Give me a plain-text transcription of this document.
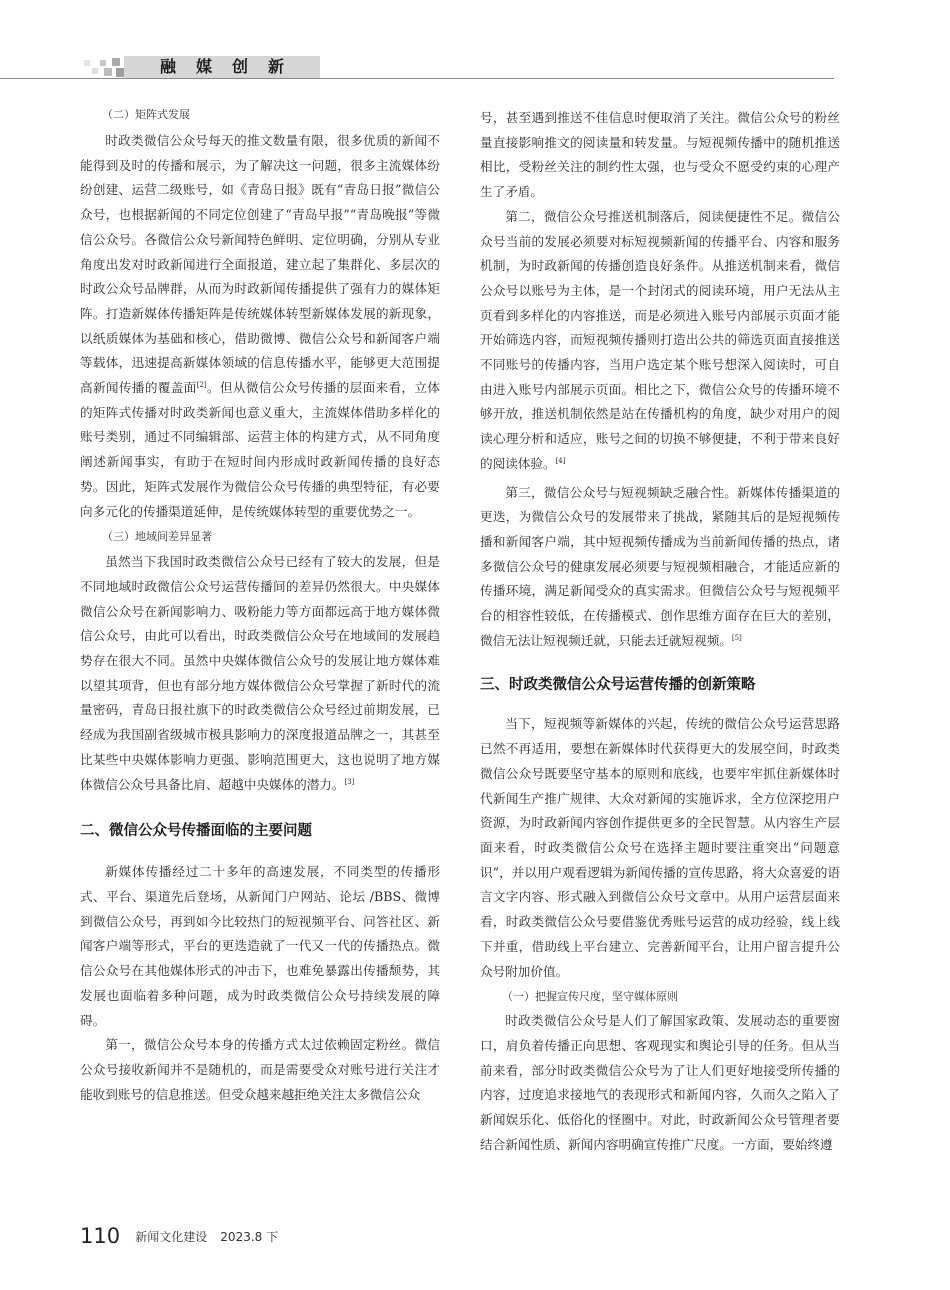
融媒创新

（二）矩阵式发展

时政类微信公众号每天的推文数量有限，很多优质的新闻不能得到及时的传播和展示，为了解决这一问题，很多主流媒体纷纷创建、运营二级账号，如《青岛日报》既有“青岛日报”微信公众号，也根据新闻的不同定位创建了“青岛早报”“青岛晚报”等微信公众号。各微信公众号新闻特色鲜明、定位明确，分别从专业角度出发对时政新闻进行全面报道，建立起了集群化、多层次的时政公众号品牌群，从而为时政新闻传播提供了强有力的媒体矩阵。打造新媒体传播矩阵是传统媒体转型新媒体发展的新现象，以纸质媒体为基础和核心，借助微博、微信公众号和新闻客户端等载体，迅速提高新媒体领域的信息传播水平，能够更大范围提高新闻传播的覆盖面[2]。但从微信公众号传播的层面来看，立体的矩阵式传播对时政类新闻也意义重大，主流媒体借助多样化的账号类别，通过不同编辑部、运营主体的构建方式，从不同角度阐述新闻事实，有助于在短时间内形成时政新闻传播的良好态势。因此，矩阵式发展作为微信公众号传播的典型特征，有必要向多元化的传播渠道延伸，是传统媒体转型的重要优势之一。

（三）地域间差异显著

虽然当下我国时政类微信公众号已经有了较大的发展，但是不同地域时政微信公众号运营传播间的差异仍然很大。中央媒体微信公众号在新闻影响力、吸粉能力等方面都远高于地方媒体微信公众号，由此可以看出，时政类微信公众号在地域间的发展趋势存在很大不同。虽然中央媒体微信公众号的发展让地方媒体难以望其项背，但也有部分地方媒体微信公众号掌握了新时代的流量密码，青岛日报社旗下的时政类微信公众号经过前期发展，已经成为我国副省级城市极具影响力的深度报道品牌之一，其甚至比某些中央媒体影响力更强、影响范围更大，这也说明了地方媒体微信公众号具备比肩、超越中央媒体的潜力。[3]

二、微信公众号传播面临的主要问题

新媒体传播经过二十多年的高速发展，不同类型的传播形式、平台、渠道先后登场，从新闻门户网站、论坛 /BBS、微博到微信公众号，再到如今比较热门的短视频平台、问答社区、新闻客户端等形式，平台的更迭造就了一代又一代的传播热点。微信公众号在其他媒体形式的冲击下，也难免暴露出传播颓势，其发展也面临着多种问题，成为时政类微信公众号持续发展的障碍。

第一，微信公众号本身的传播方式太过依赖固定粉丝。微信公众号接收新闻并不是随机的，而是需要受众对账号进行关注才能收到账号的信息推送。但受众越来越拒绝关注太多微信公众

号，甚至遇到推送不佳信息时便取消了关注。微信公众号的粉丝量直接影响推文的阅读量和转发量。与短视频传播中的随机推送相比，受粉丝关注的制约性太强，也与受众不愿受约束的心理产生了矛盾。

第二，微信公众号推送机制落后，阅读便捷性不足。微信公众号当前的发展必须要对标短视频新闻的传播平台、内容和服务机制，为时政新闻的传播创造良好条件。从推送机制来看，微信公众号以账号为主体，是一个封闭式的阅读环境，用户无法从主页看到多样化的内容推送，而是必须进入账号内部展示页面才能开始筛选内容，而短视频传播则打造出公共的筛选页面直接推送不同账号的传播内容，当用户选定某个账号想深入阅读时，可自由进入账号内部展示页面。相比之下，微信公众号的传播环境不够开放，推送机制依然是站在传播机构的角度，缺少对用户的阅读心理分析和适应，账号之间的切换不够便捷，不利于带来良好的阅读体验。[4]

第三，微信公众号与短视频缺乏融合性。新媒体传播渠道的更迭，为微信公众号的发展带来了挑战，紧随其后的是短视频传播和新闻客户端，其中短视频传播成为当前新闻传播的热点，诸多微信公众号的健康发展必须要与短视频相融合，才能适应新的传播环境，满足新闻受众的真实需求。但微信公众号与短视频平台的相容性较低，在传播模式、创作思维方面存在巨大的差别，微信无法让短视频迁就，只能去迁就短视频。[5]

三、时政类微信公众号运营传播的创新策略

当下，短视频等新媒体的兴起，传统的微信公众号运营思路已然不再适用，要想在新媒体时代获得更大的发展空间，时政类微信公众号既要坚守基本的原则和底线，也要牢牢抓住新媒体时代新闻生产推广规律、大众对新闻的实施诉求，全方位深挖用户资源，为时政新闻内容创作提供更多的全民智慧。从内容生产层面来看，时政类微信公众号在选择主题时要注重突出“问题意识”，并以用户观看逻辑为新闻传播的宣传思路，将大众喜爱的语言文字内容、形式融入到微信公众号文章中。从用户运营层面来看，时政类微信公众号要借鉴优秀账号运营的成功经验，线上线下并重，借助线上平台建立、完善新闻平台，让用户留言提升公众号附加价值。

（一）把握宣传尺度，坚守媒体原则

时政类微信公众号是人们了解国家政策、发展动态的重要窗口，肩负着传播正向思想、客观现实和舆论引导的任务。但从当前来看，部分时政类微信公众号为了让人们更好地接受所传播的内容，过度追求接地气的表现形式和新闻内容，久而久之陷入了新闻娱乐化、低俗化的怪圈中。对此，时政新闻公众号管理者要结合新闻性质、新闻内容明确宣传推广尺度。一方面，要始终遵

110 新闻文化建设 2023.8 下
